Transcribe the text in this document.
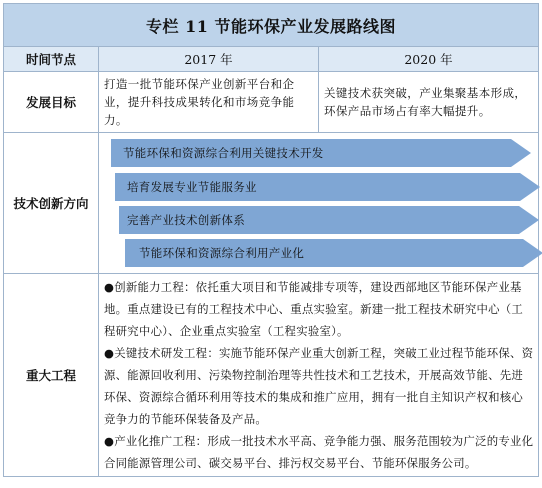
专栏 11 节能环保产业发展路线图		
时间节点	2017 年	2020 年
发展目标	打造一批节能环保产业创新平台和企业，提升科技成果转化和市场竞争能力。	关键技术获突破，产业集聚基本形成，环保产品市场占有率大幅提升。
技术创新方向	节能环保和资源综合利用关键技术开发
培育发展专业节能服务业
完善产业技术创新体系
节能环保和资源综合利用产业化	

重大工程	●创新能力工程：依托重大项目和节能减排专项等，建设西部地区节能环保产业基地。重点建设已有的工程技术中心、重点实验室。新建一批工程技术研究中心（工程研究中心）、企业重点实验室（工程实验室）。

●关键技术研发工程：实施节能环保产业重大创新工程，突破工业过程节能环保、资源、能源回收利用、污染物控制治理等共性技术和工艺技术，开展高效节能、先进环保、资源综合循环利用等技术的集成和推广应用，拥有一批自主知识产权和核心竞争力的节能环保装备及产品。

●产业化推广工程：形成一批技术水平高、竞争能力强、服务范围较为广泛的专业化合同能源管理公司、碳交易平台、排污权交易平台、节能环保服务公司。	
